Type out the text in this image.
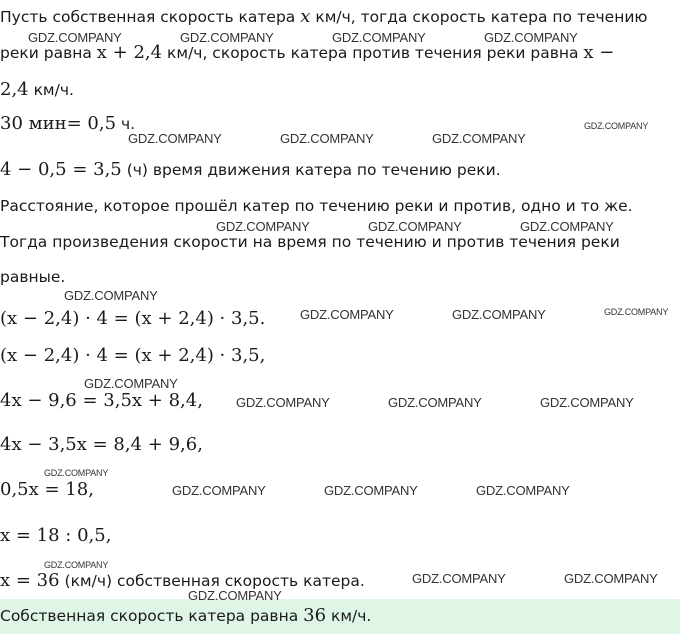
Пусть собственная скорость катера x км/ч, тогда скорость катера по течению
реки равна x + 2,4 км/ч, скорость катера против течения реки равна x −
2,4 км/ч.
30 мин= 0,5 ч.
4 − 0,5 = 3,5 (ч) время движения катера по течению реки.
Расстояние, которое прошёл катер по течению реки и против, одно и то же.
Тогда произведения скорости на время по течению и против течения реки
равные.
(x − 2,4) · 4 = (x + 2,4) · 3,5.
(x − 2,4) · 4 = (x + 2,4) · 3,5,
4x − 9,6 = 3,5x + 8,4,
4x − 3,5x = 8,4 + 9,6,
0,5x = 18,
x = 18 : 0,5,
x = 36 (км/ч) собственная скорость катера.
Собственная скорость катера равна 36 км/ч.
GDZ.COMPANY	GDZ.COMPANY	GDZ.COMPANY	GDZ.COMPANY
GDZ.COMPANY	GDZ.COMPANY	GDZ.COMPANY
GDZ.COMPANY
GDZ.COMPANY	GDZ.COMPANY	GDZ.COMPANY
GDZ.COMPANY
GDZ.COMPANY	GDZ.COMPANY	GDZ.COMPANY
GDZ.COMPANY
GDZ.COMPANY	GDZ.COMPANY	GDZ.COMPANY
GDZ.COMPANY
GDZ.COMPANY	GDZ.COMPANY	GDZ.COMPANY
GDZ.COMPANY
GDZ.COMPANY	GDZ.COMPANY
GDZ.COMPANY
